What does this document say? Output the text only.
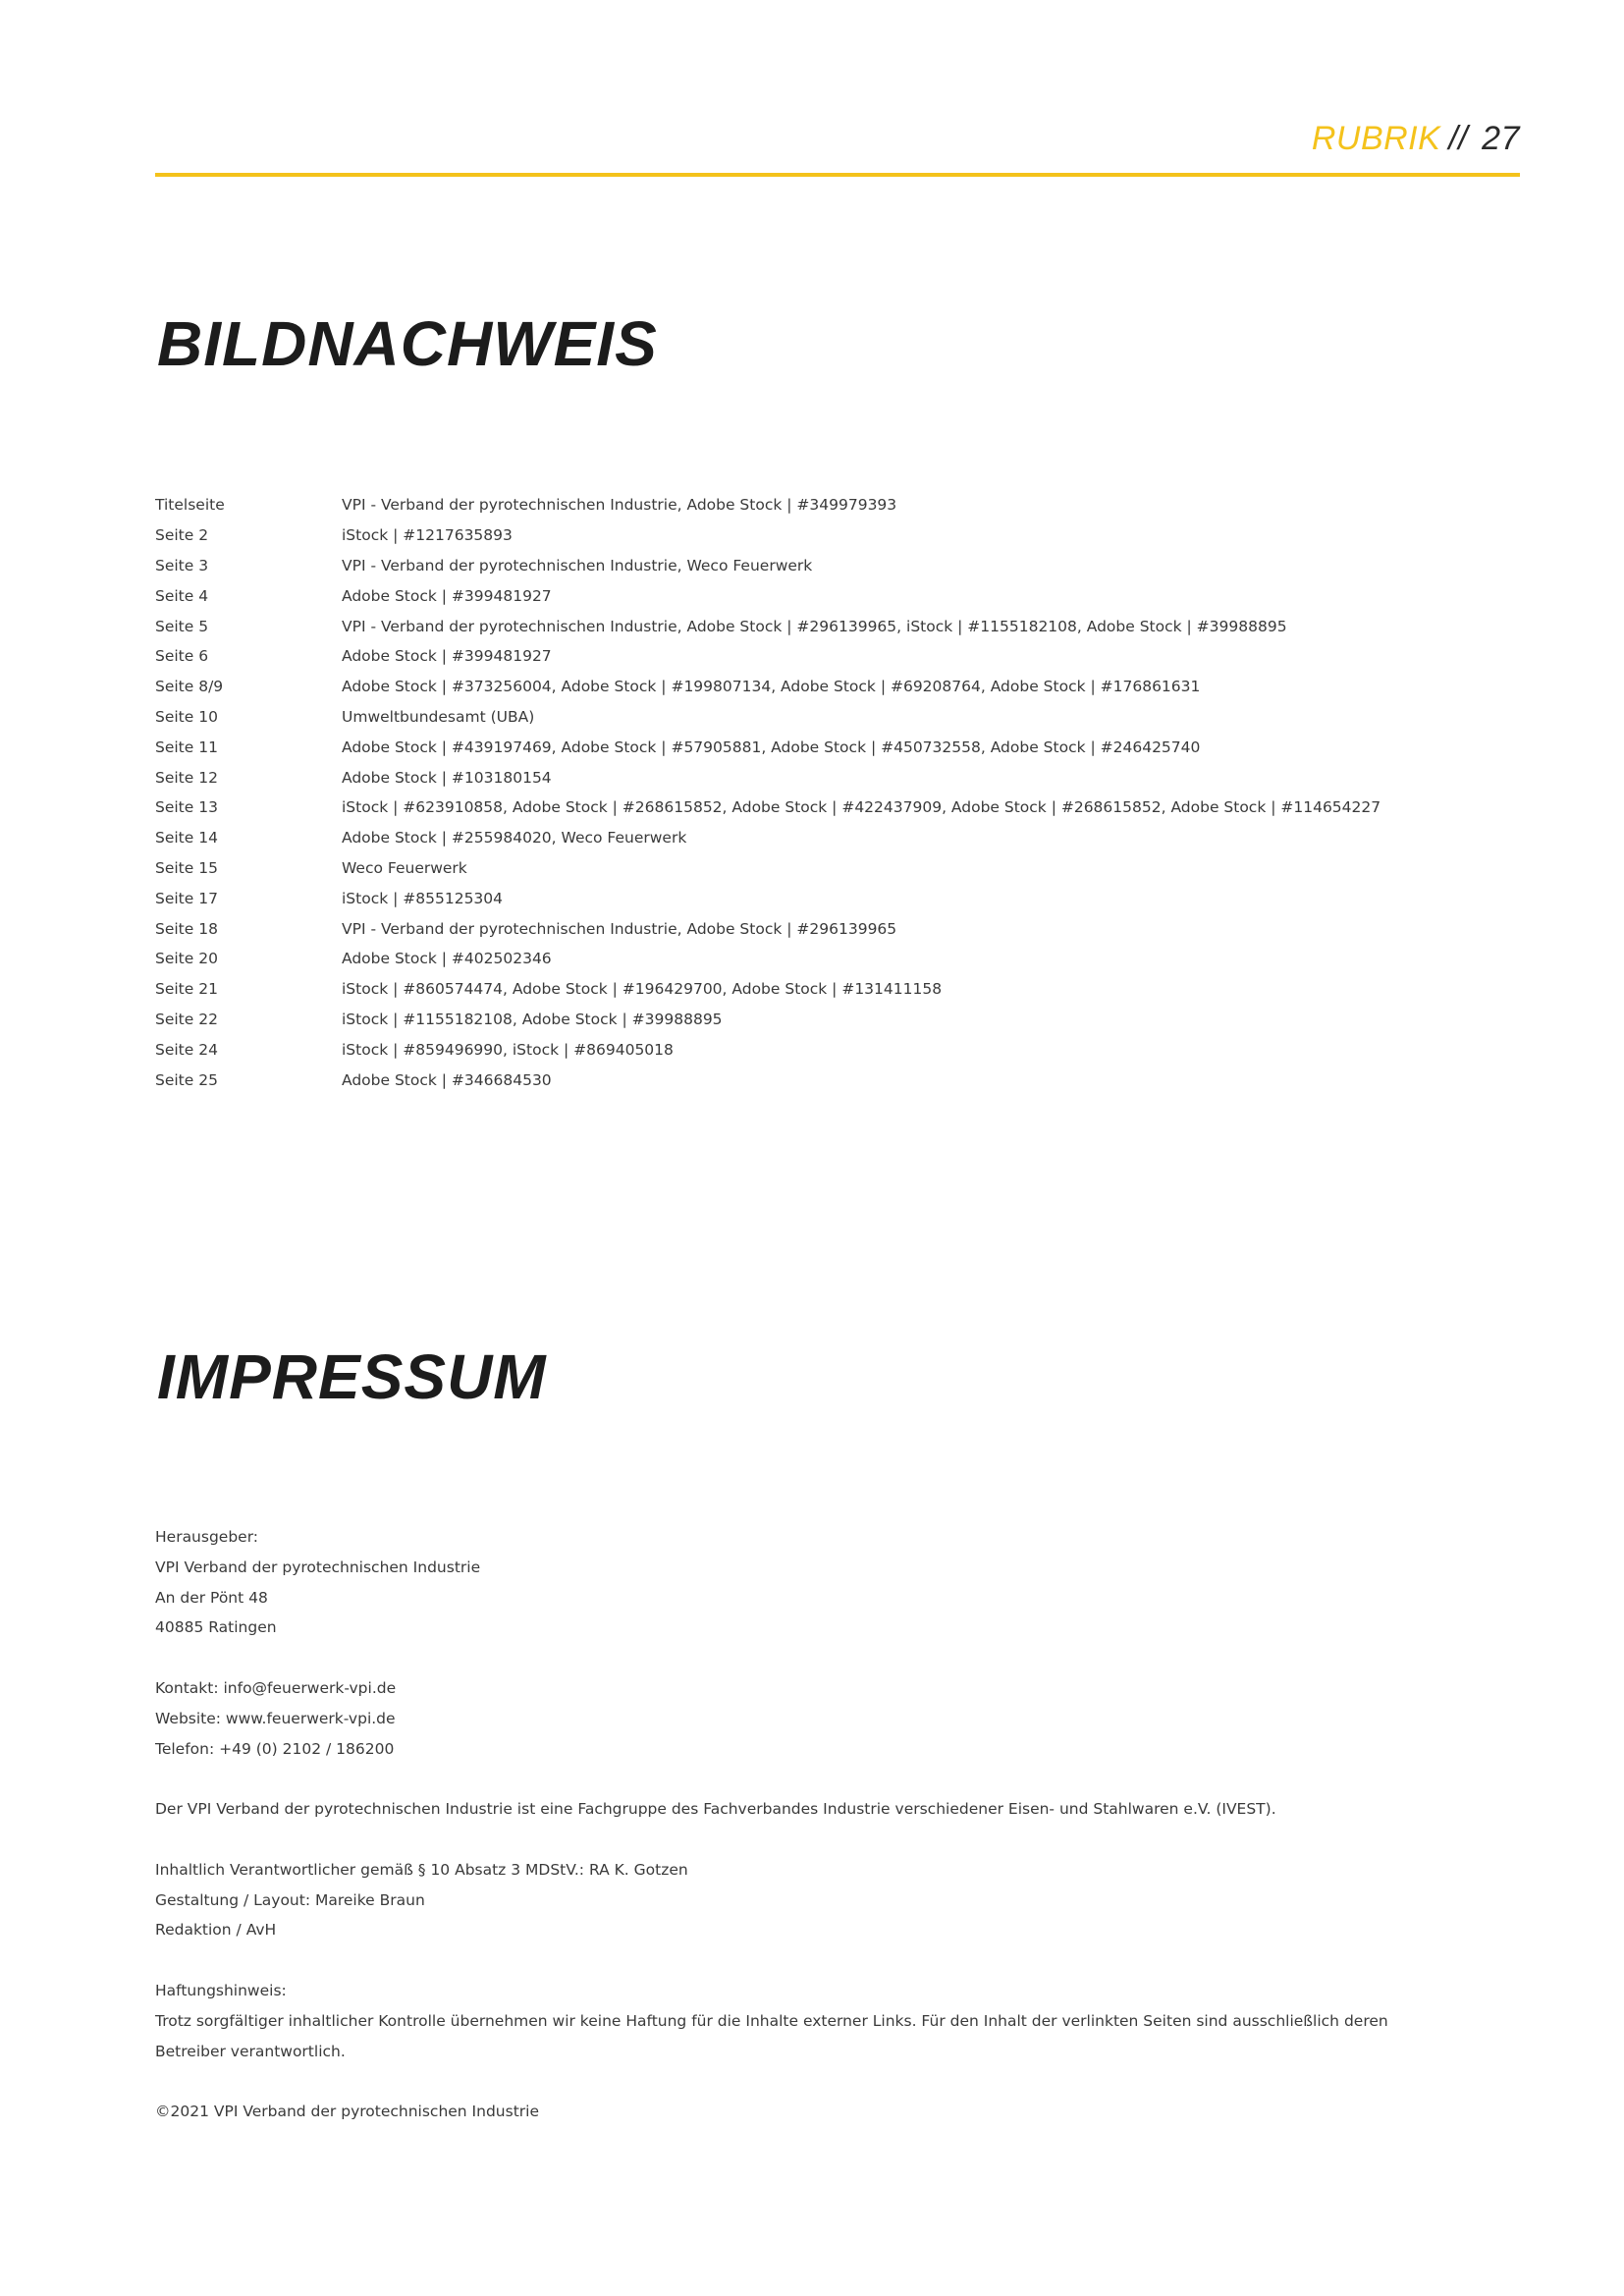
RUBRIK // 27
BILDNACHWEIS
Titelseite	VPI - Verband der pyrotechnischen Industrie, Adobe Stock | #349979393
Seite 2	iStock | #1217635893
Seite 3	VPI - Verband der pyrotechnischen Industrie, Weco Feuerwerk
Seite 4	Adobe Stock | #399481927
Seite 5	VPI - Verband der pyrotechnischen Industrie, Adobe Stock | #296139965, iStock | #1155182108, Adobe Stock | #39988895
Seite 6	Adobe Stock | #399481927
Seite 8/9	Adobe Stock | #373256004, Adobe Stock | #199807134, Adobe Stock | #69208764, Adobe Stock | #176861631
Seite 10	Umweltbundesamt (UBA)
Seite 11	Adobe Stock | #439197469, Adobe Stock | #57905881, Adobe Stock | #450732558, Adobe Stock | #246425740
Seite 12	Adobe Stock | #103180154
Seite 13	iStock | #623910858, Adobe Stock | #268615852, Adobe Stock | #422437909, Adobe Stock | #268615852, Adobe Stock | #114654227
Seite 14	Adobe Stock | #255984020, Weco Feuerwerk
Seite 15	Weco Feuerwerk
Seite 17	iStock | #855125304
Seite 18	VPI - Verband der pyrotechnischen Industrie, Adobe Stock | #296139965
Seite 20	Adobe Stock | #402502346
Seite 21	iStock | #860574474, Adobe Stock | #196429700, Adobe Stock | #131411158
Seite 22	iStock | #1155182108, Adobe Stock | #39988895
Seite 24	iStock | #859496990, iStock | #869405018
Seite 25	Adobe Stock | #346684530
IMPRESSUM

Herausgeber:

VPI Verband der pyrotechnischen Industrie

An der Pönt 48

40885 Ratingen

Kontakt: info@feuerwerk-vpi.de

Website: www.feuerwerk-vpi.de

Telefon: +49 (0) 2102 / 186200

Der VPI Verband der pyrotechnischen Industrie ist eine Fachgruppe des Fachverbandes Industrie verschiedener Eisen- und Stahlwaren e.V. (IVEST).

Inhaltlich Verantwortlicher gemäß § 10 Absatz 3 MDStV.: RA K. Gotzen

Gestaltung / Layout: Mareike Braun

Redaktion / AvH

Haftungshinweis:

Trotz sorgfältiger inhaltlicher Kontrolle übernehmen wir keine Haftung für die Inhalte externer Links. Für den Inhalt der verlinkten Seiten sind ausschließlich deren Betreiber verantwortlich.

©2021 VPI Verband der pyrotechnischen Industrie
